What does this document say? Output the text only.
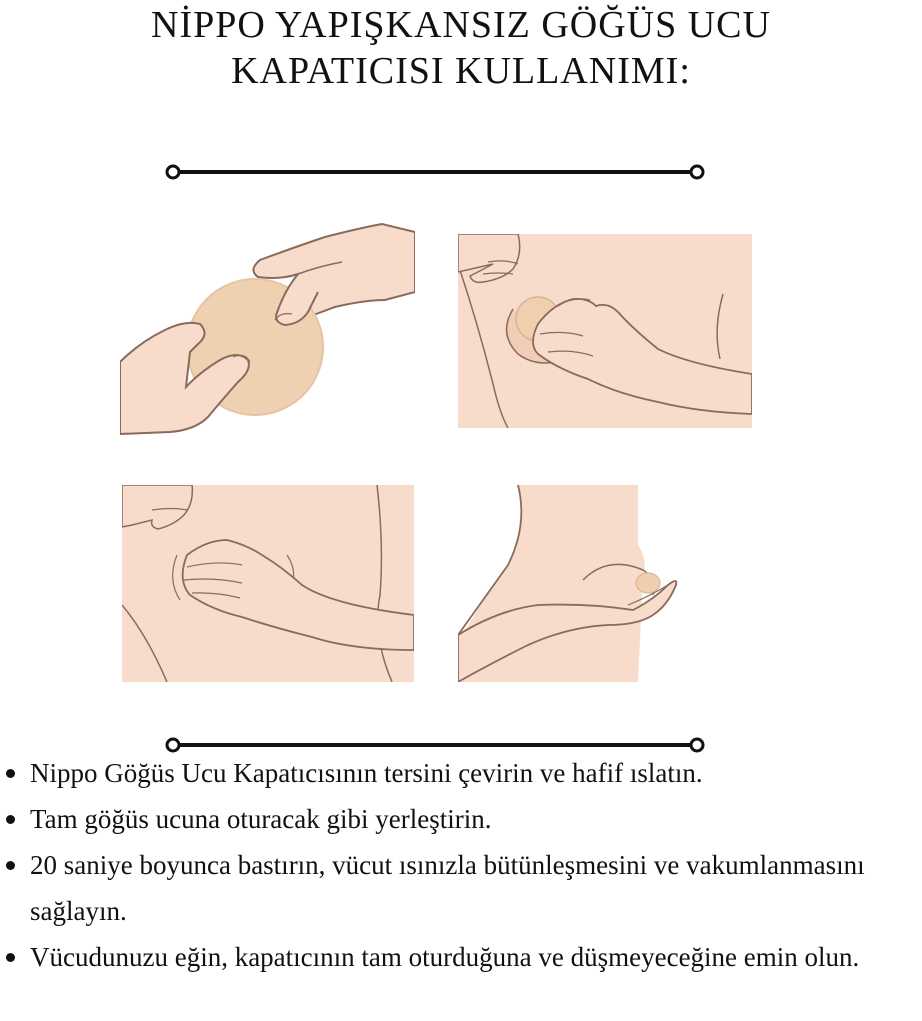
NİPPO YAPIŞKANSIZ GÖĞÜS UCU
KAPATICISI KULLANIMI:
Nippo Göğüs Ucu Kapatıcısının tersini çevirin ve hafif ıslatın.
Tam göğüs ucuna oturacak gibi yerleştirin.
20 saniye boyunca bastırın, vücut ısınızla bütünleşmesini ve vakumlanmasını sağlayın.
Vücudunuzu eğin, kapatıcının tam oturduğuna ve düşmeyeceğine emin olun.
